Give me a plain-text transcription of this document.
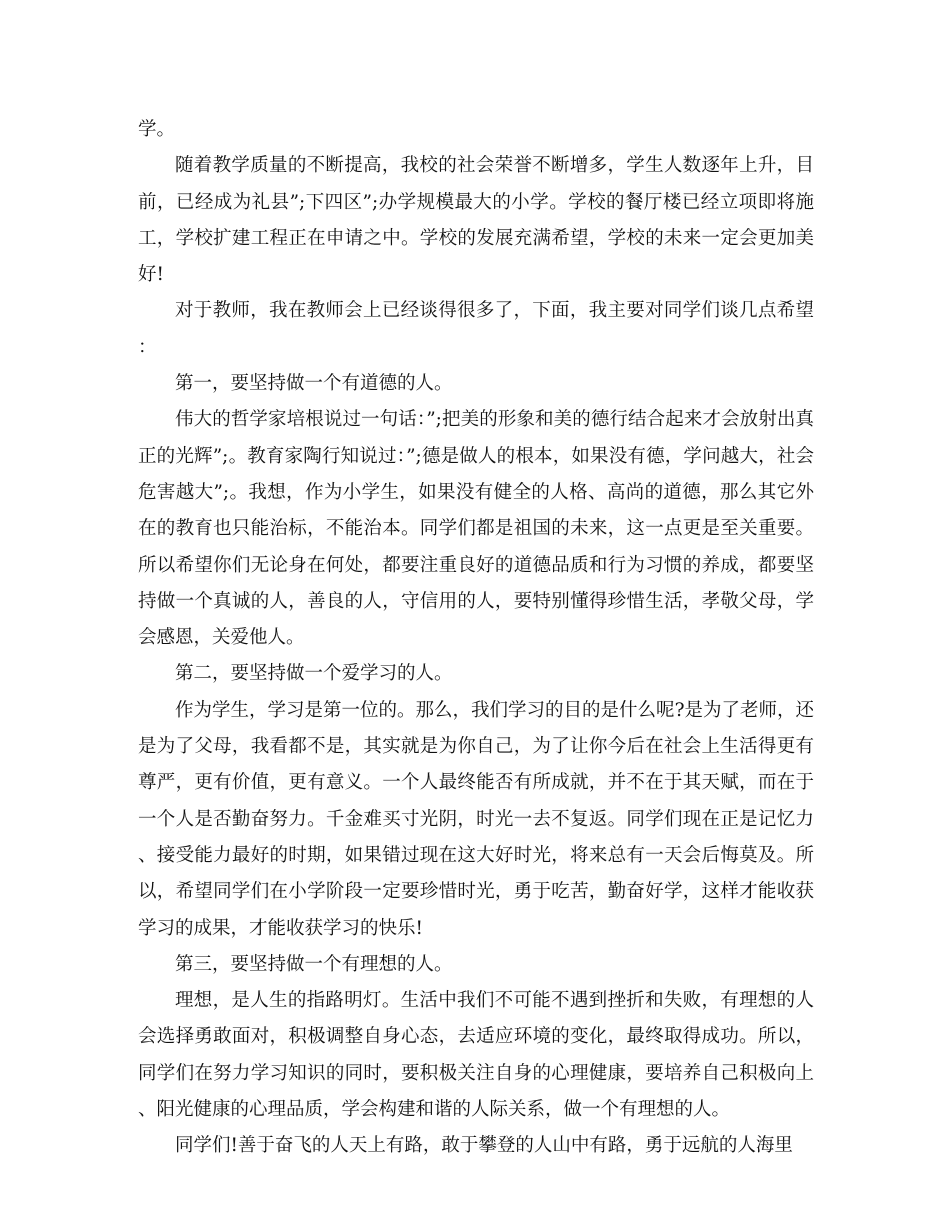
学。

随着教学质量的不断提高，我校的社会荣誉不断增多，学生人数逐年上升，目前，已经成为礼县”;下四区”;办学规模最大的小学。学校的餐厅楼已经立项即将施工，学校扩建工程正在申请之中。学校的发展充满希望，学校的未来一定会更加美好!

对于教师，我在教师会上已经谈得很多了，下面，我主要对同学们谈几点希望：

第一，要坚持做一个有道德的人。

伟大的哲学家培根说过一句话：”;把美的形象和美的德行结合起来才会放射出真正的光辉”;。教育家陶行知说过：”;德是做人的根本，如果没有德，学问越大，社会危害越大”;。我想，作为小学生，如果没有健全的人格、高尚的道德，那么其它外在的教育也只能治标，不能治本。同学们都是祖国的未来，这一点更是至关重要。所以希望你们无论身在何处，都要注重良好的道德品质和行为习惯的养成，都要坚持做一个真诚的人，善良的人，守信用的人，要特别懂得珍惜生活，孝敬父母，学会感恩，关爱他人。

第二，要坚持做一个爱学习的人。

作为学生，学习是第一位的。那么，我们学习的目的是什么呢?是为了老师，还是为了父母，我看都不是，其实就是为你自己，为了让你今后在社会上生活得更有尊严，更有价值，更有意义。一个人最终能否有所成就，并不在于其天赋，而在于一个人是否勤奋努力。千金难买寸光阴，时光一去不复返。同学们现在正是记忆力、接受能力最好的时期，如果错过现在这大好时光，将来总有一天会后悔莫及。所以，希望同学们在小学阶段一定要珍惜时光，勇于吃苦，勤奋好学，这样才能收获学习的成果，才能收获学习的快乐!

第三，要坚持做一个有理想的人。

理想，是人生的指路明灯。生活中我们不可能不遇到挫折和失败，有理想的人会选择勇敢面对，积极调整自身心态，去适应环境的变化，最终取得成功。所以，同学们在努力学习知识的同时，要积极关注自身的心理健康，要培养自己积极向上、阳光健康的心理品质，学会构建和谐的人际关系，做一个有理想的人。

同学们!善于奋飞的人天上有路，敢于攀登的人山中有路，勇于远航的人海里
